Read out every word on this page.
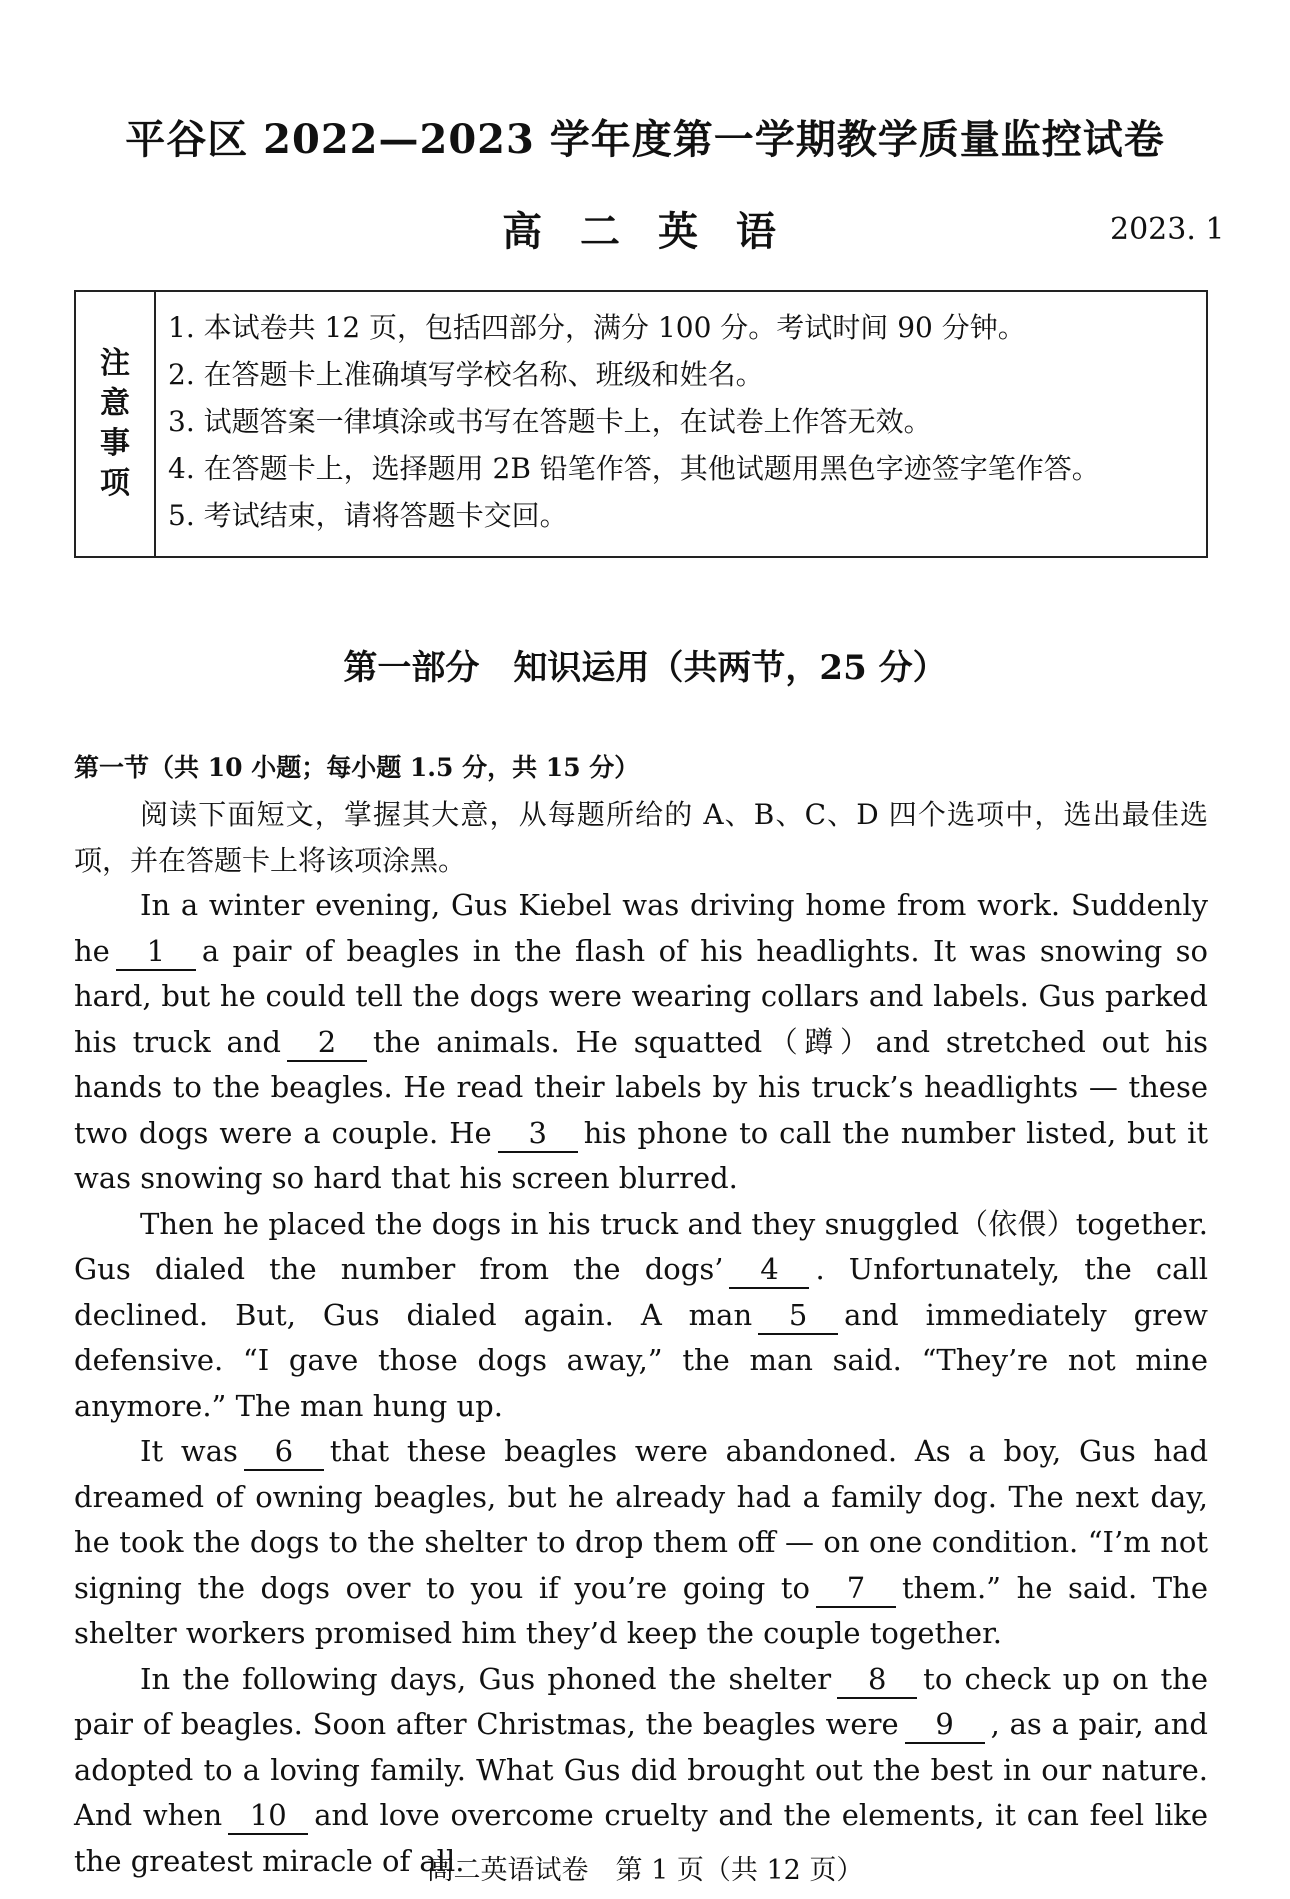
平谷区 2022—2023 学年度第一学期教学质量监控试卷
高 二 英 语	2023. 1
注
意
事
项
1. 本试卷共 12 页，包括四部分，满分 100 分。考试时间 90 分钟。
2. 在答题卡上准确填写学校名称、班级和姓名。
3. 试题答案一律填涂或书写在答题卡上，在试卷上作答无效。
4. 在答题卡上，选择题用 2B 铅笔作答，其他试题用黑色字迹签字笔作答。
5. 考试结束，请将答题卡交回。
第一部分　知识运用（共两节，25 分）
第一节（共 10 小题；每小题 1.5 分，共 15 分）

阅读下面短文，掌握其大意，从每题所给的 A、B、C、D 四个选项中，选出最佳选项，并在答题卡上将该项涂黑。

In a winter evening, Gus Kiebel was driving home from work. Suddenly he 1 a pair of beagles in the flash of his headlights. It was snowing so hard, but he could tell the dogs were wearing collars and labels. Gus parked his truck and 2 the animals. He squatted（蹲）and stretched out his hands to the beagles. He read their labels by his truck’s headlights — these two dogs were a couple. He 3 his phone to call the number listed, but it was snowing so hard that his screen blurred.

Then he placed the dogs in his truck and they snuggled（依偎）together. Gus dialed the number from the dogs’ 4 . Unfortunately, the call declined. But, Gus dialed again. A man 5 and immediately grew defensive. “I gave those dogs away,” the man said. “They’re not mine anymore.” The man hung up.

It was 6 that these beagles were abandoned. As a boy, Gus had dreamed of owning beagles, but he already had a family dog. The next day, he took the dogs to the shelter to drop them off — on one condition. “I’m not signing the dogs over to you if you’re going to 7 them.” he said. The shelter workers promised him they’d keep the couple together.

In the following days, Gus phoned the shelter 8 to check up on the pair of beagles. Soon after Christmas, the beagles were 9 , as a pair, and adopted to a loving family. What Gus did brought out the best in our nature. And when 10 and love overcome cruelty and the elements, it can feel like the greatest miracle of all.

高二英语试卷　第 1 页（共 12 页）
